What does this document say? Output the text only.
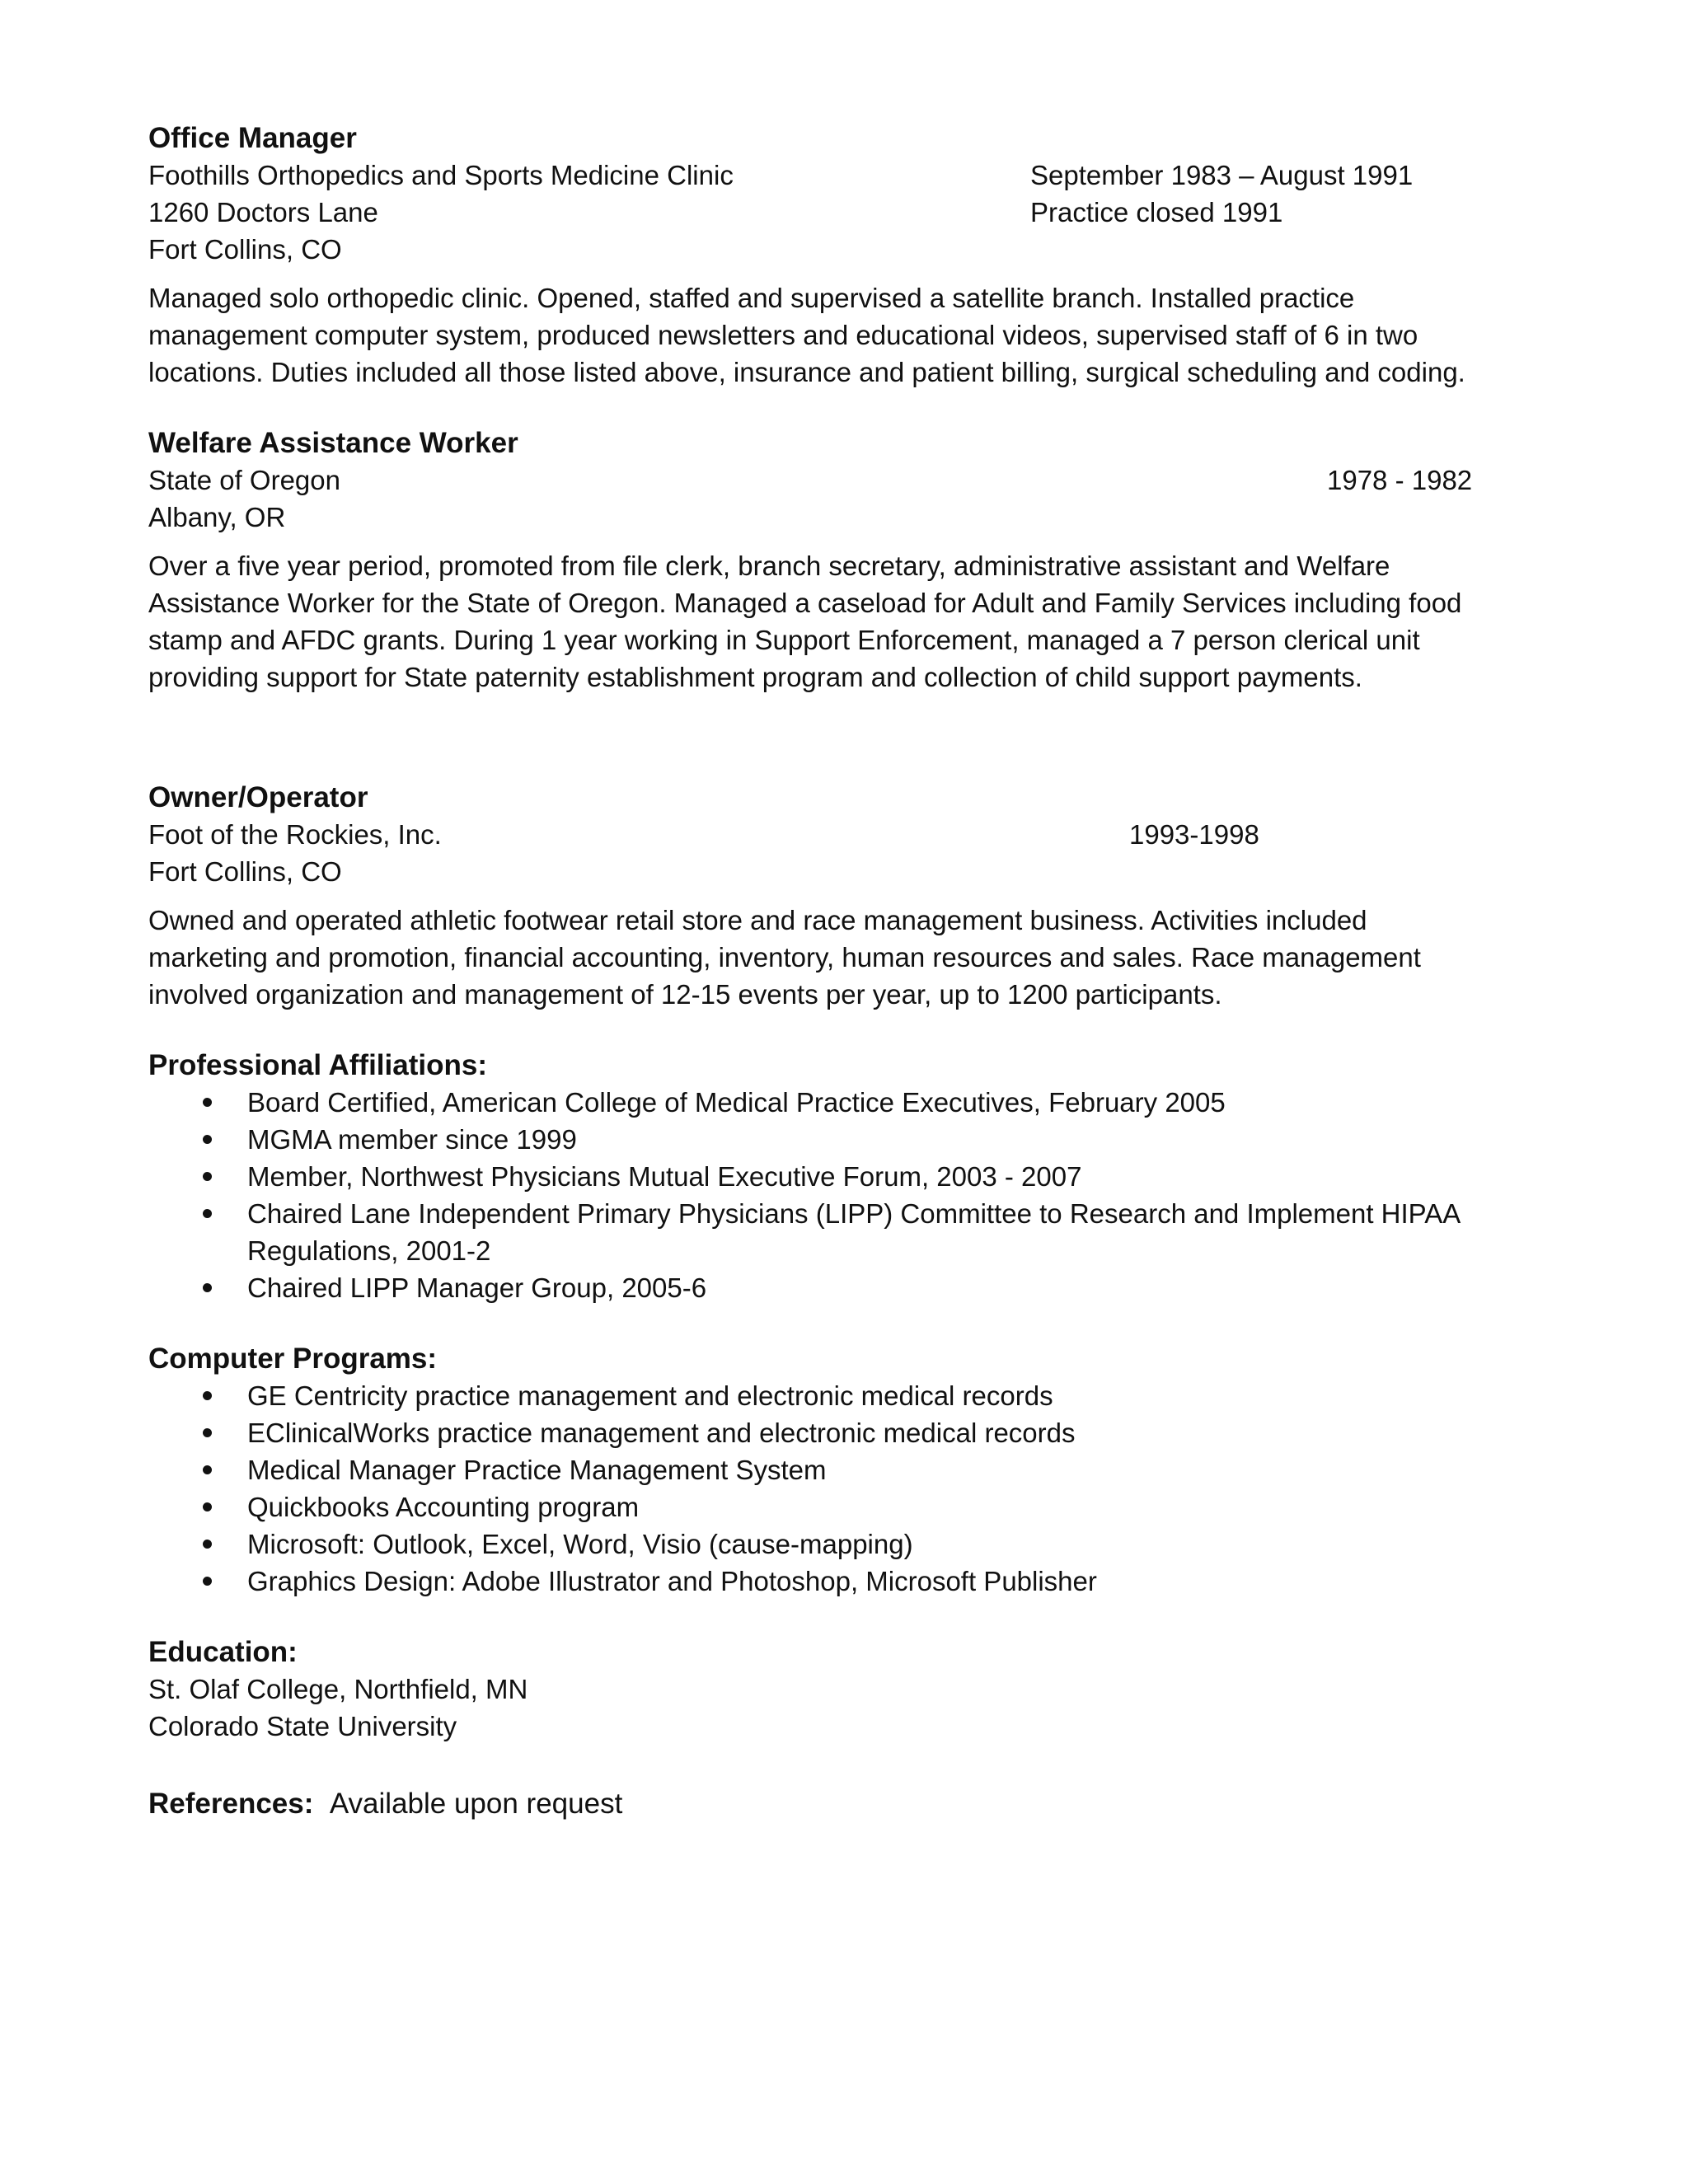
Office Manager
Foothills Orthopedics and Sports Medicine Clinic	September 1983 – August 1991
1260 Doctors Lane	Practice closed 1991
Fort Collins, CO
Managed solo orthopedic clinic. Opened, staffed and supervised a satellite branch. Installed practice
management computer system, produced newsletters and educational videos, supervised staff of 6 in two
locations. Duties included all those listed above, insurance and patient billing, surgical scheduling and coding.
Welfare Assistance Worker
State of Oregon	1978 - 1982
Albany, OR
Over a five year period, promoted from file clerk, branch secretary, administrative assistant and Welfare
Assistance Worker for the State of Oregon. Managed a caseload for Adult and Family Services including food
stamp and AFDC grants. During 1 year working in Support Enforcement, managed a 7 person clerical unit
providing support for State paternity establishment program and collection of child support payments.
Owner/Operator
Foot of the Rockies, Inc.	1993-1998
Fort Collins, CO
Owned and operated athletic footwear retail store and race management business. Activities included
marketing and promotion, financial accounting, inventory, human resources and sales. Race management
involved organization and management of 12-15 events per year, up to 1200 participants.
Professional Affiliations:
Board Certified, American College of Medical Practice Executives, February 2005
MGMA member since 1999
Member, Northwest Physicians Mutual Executive Forum, 2003 - 2007
Chaired Lane Independent Primary Physicians (LIPP) Committee to Research and Implement HIPAA
Regulations, 2001-2
Chaired LIPP Manager Group, 2005-6
Computer Programs:
GE Centricity practice management and electronic medical records
EClinicalWorks practice management and electronic medical records
Medical Manager Practice Management System
Quickbooks Accounting program
Microsoft: Outlook, Excel, Word, Visio (cause-mapping)
Graphics Design: Adobe Illustrator and Photoshop, Microsoft Publisher
Education:
St. Olaf College, Northfield, MN
Colorado State University
References: Available upon request
